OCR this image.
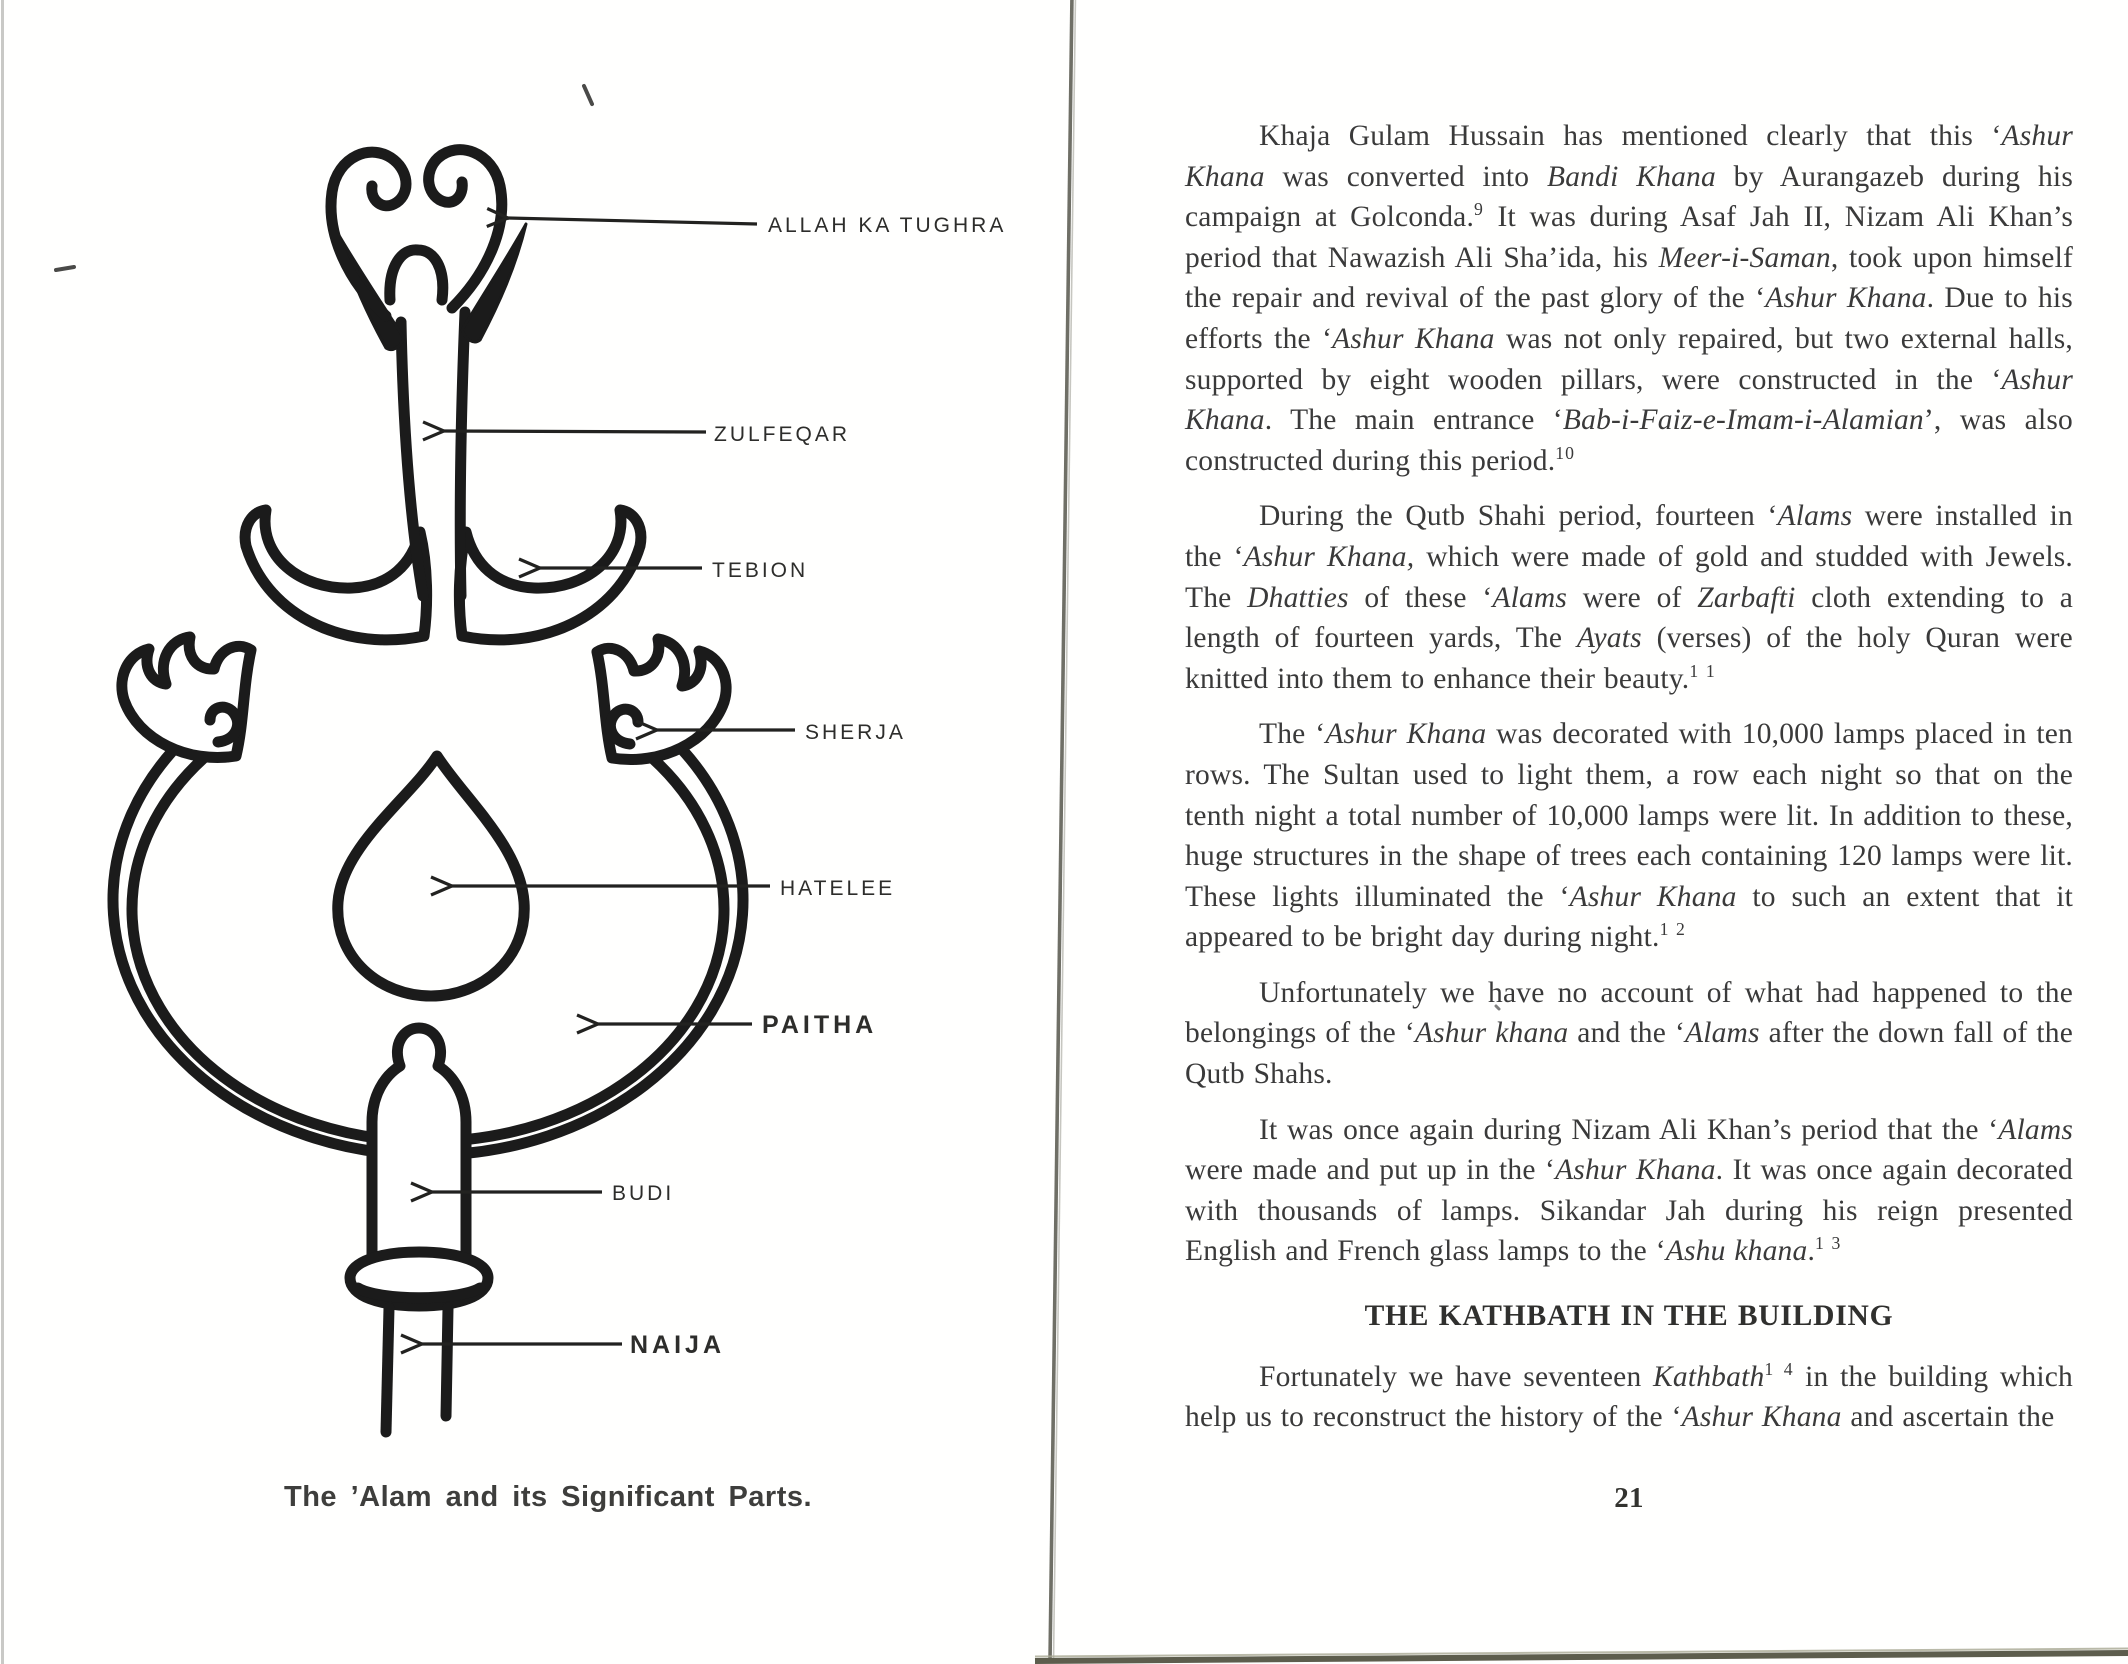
ALLAH KA TUGHRA
ZULFEQAR
TEBION
SHERJA
HATELEE
PAITHA
BUDI
NAIJA
The ’Alam and its Significant Parts.

Khaja Gulam Hussain has mentioned clearly that this ‘Ashur Khana was converted into Bandi Khana by Aurangazeb during his campaign at Golconda.$^9$ It was during Asaf Jah II, Nizam Ali Khan’s period that Nawazish Ali Sha’ida, his Meer-i-Saman, took upon himself the repair and revival of the past glory of the ‘Ashur Khana. Due to his efforts the ‘Ashur Khana was not only repaired, but two external halls, supported by eight wooden pillars, were constructed in the ‘Ashur Khana. The main entrance ‘Bab-i-Faiz-e-Imam-i-Alamian’, was also constructed during this period.$^{10}$

During the Qutb Shahi period, fourteen ‘Alams were installed in the ‘Ashur Khana, which were made of gold and studded with Jewels. The Dhatties of these ‘Alams were of Zarbafti cloth extending to a length of fourteen yards, The Ayats (verses) of the holy Quran were knitted into them to enhance their beauty.$^{1 1}$

The ‘Ashur Khana was decorated with 10,000 lamps placed in ten rows. The Sultan used to light them, a row each night so that on the tenth night a total number of 10,000 lamps were lit. In addition to these, huge structures in the shape of trees each containing 120 lamps were lit. These lights illuminated the ‘Ashur Khana to such an extent that it appeared to be bright day during night.$^{1 2}$

Unfortunately we have no account of what had happened to the belongings of the ‘Ashur khana and the ‘Alams after the down fall of the Qutb Shahs.

It was once again during Nizam Ali Khan’s period that the ‘Alams were made and put up in the ‘Ashur Khana. It was once again decorated with thousands of lamps. Sikandar Jah during his reign presented English and French glass lamps to the ‘Ashu khana.$^{1 3}$

THE KATHBATH IN THE BUILDING

Fortunately we have seventeen Kathbath$^{1 4}$ in the building which help us to reconstruct the history of the ‘Ashur Khana and ascertain the

21
